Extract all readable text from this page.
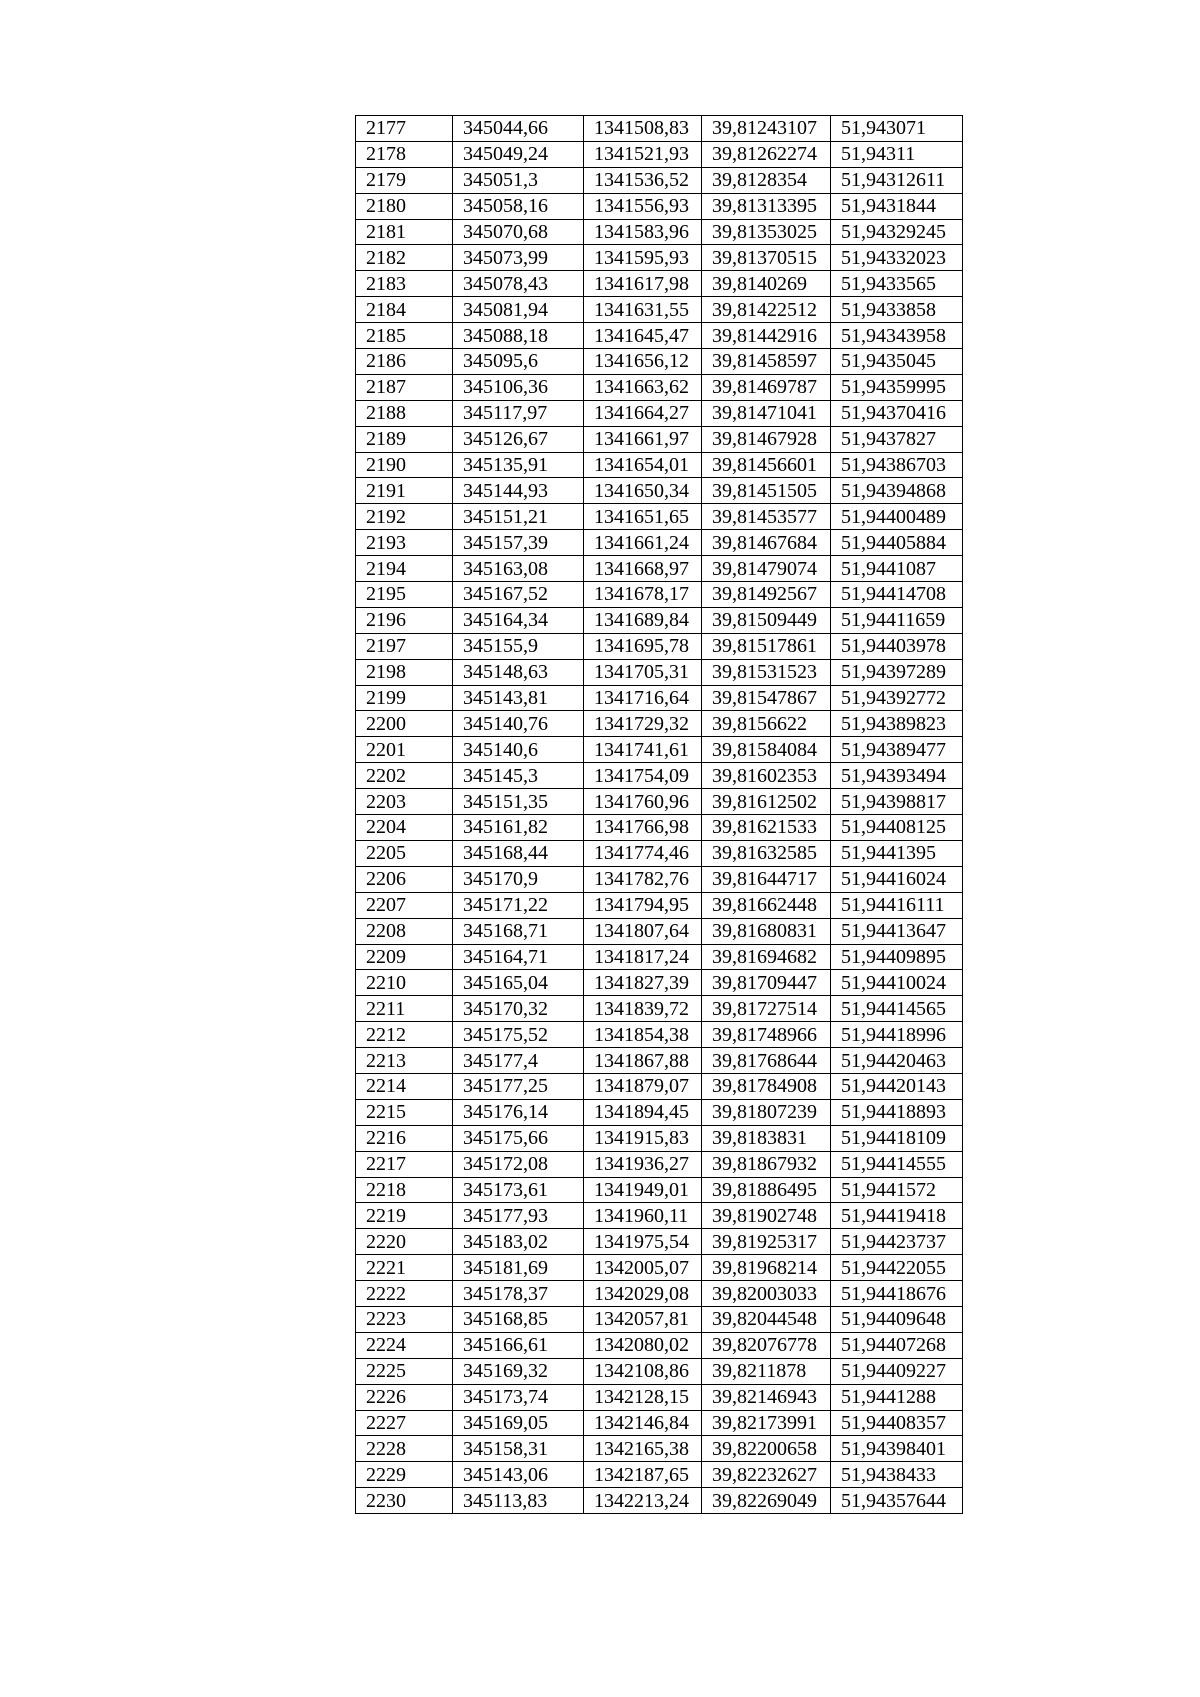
2177	345044,66	1341508,83	39,81243107	51,943071
2178	345049,24	1341521,93	39,81262274	51,94311
2179	345051,3	1341536,52	39,8128354	51,94312611
2180	345058,16	1341556,93	39,81313395	51,9431844
2181	345070,68	1341583,96	39,81353025	51,94329245
2182	345073,99	1341595,93	39,81370515	51,94332023
2183	345078,43	1341617,98	39,8140269	51,9433565
2184	345081,94	1341631,55	39,81422512	51,9433858
2185	345088,18	1341645,47	39,81442916	51,94343958
2186	345095,6	1341656,12	39,81458597	51,9435045
2187	345106,36	1341663,62	39,81469787	51,94359995
2188	345117,97	1341664,27	39,81471041	51,94370416
2189	345126,67	1341661,97	39,81467928	51,9437827
2190	345135,91	1341654,01	39,81456601	51,94386703
2191	345144,93	1341650,34	39,81451505	51,94394868
2192	345151,21	1341651,65	39,81453577	51,94400489
2193	345157,39	1341661,24	39,81467684	51,94405884
2194	345163,08	1341668,97	39,81479074	51,9441087
2195	345167,52	1341678,17	39,81492567	51,94414708
2196	345164,34	1341689,84	39,81509449	51,94411659
2197	345155,9	1341695,78	39,81517861	51,94403978
2198	345148,63	1341705,31	39,81531523	51,94397289
2199	345143,81	1341716,64	39,81547867	51,94392772
2200	345140,76	1341729,32	39,8156622	51,94389823
2201	345140,6	1341741,61	39,81584084	51,94389477
2202	345145,3	1341754,09	39,81602353	51,94393494
2203	345151,35	1341760,96	39,81612502	51,94398817
2204	345161,82	1341766,98	39,81621533	51,94408125
2205	345168,44	1341774,46	39,81632585	51,9441395
2206	345170,9	1341782,76	39,81644717	51,94416024
2207	345171,22	1341794,95	39,81662448	51,94416111
2208	345168,71	1341807,64	39,81680831	51,94413647
2209	345164,71	1341817,24	39,81694682	51,94409895
2210	345165,04	1341827,39	39,81709447	51,94410024
2211	345170,32	1341839,72	39,81727514	51,94414565
2212	345175,52	1341854,38	39,81748966	51,94418996
2213	345177,4	1341867,88	39,81768644	51,94420463
2214	345177,25	1341879,07	39,81784908	51,94420143
2215	345176,14	1341894,45	39,81807239	51,94418893
2216	345175,66	1341915,83	39,8183831	51,94418109
2217	345172,08	1341936,27	39,81867932	51,94414555
2218	345173,61	1341949,01	39,81886495	51,9441572
2219	345177,93	1341960,11	39,81902748	51,94419418
2220	345183,02	1341975,54	39,81925317	51,94423737
2221	345181,69	1342005,07	39,81968214	51,94422055
2222	345178,37	1342029,08	39,82003033	51,94418676
2223	345168,85	1342057,81	39,82044548	51,94409648
2224	345166,61	1342080,02	39,82076778	51,94407268
2225	345169,32	1342108,86	39,8211878	51,94409227
2226	345173,74	1342128,15	39,82146943	51,9441288
2227	345169,05	1342146,84	39,82173991	51,94408357
2228	345158,31	1342165,38	39,82200658	51,94398401
2229	345143,06	1342187,65	39,82232627	51,9438433
2230	345113,83	1342213,24	39,82269049	51,94357644
